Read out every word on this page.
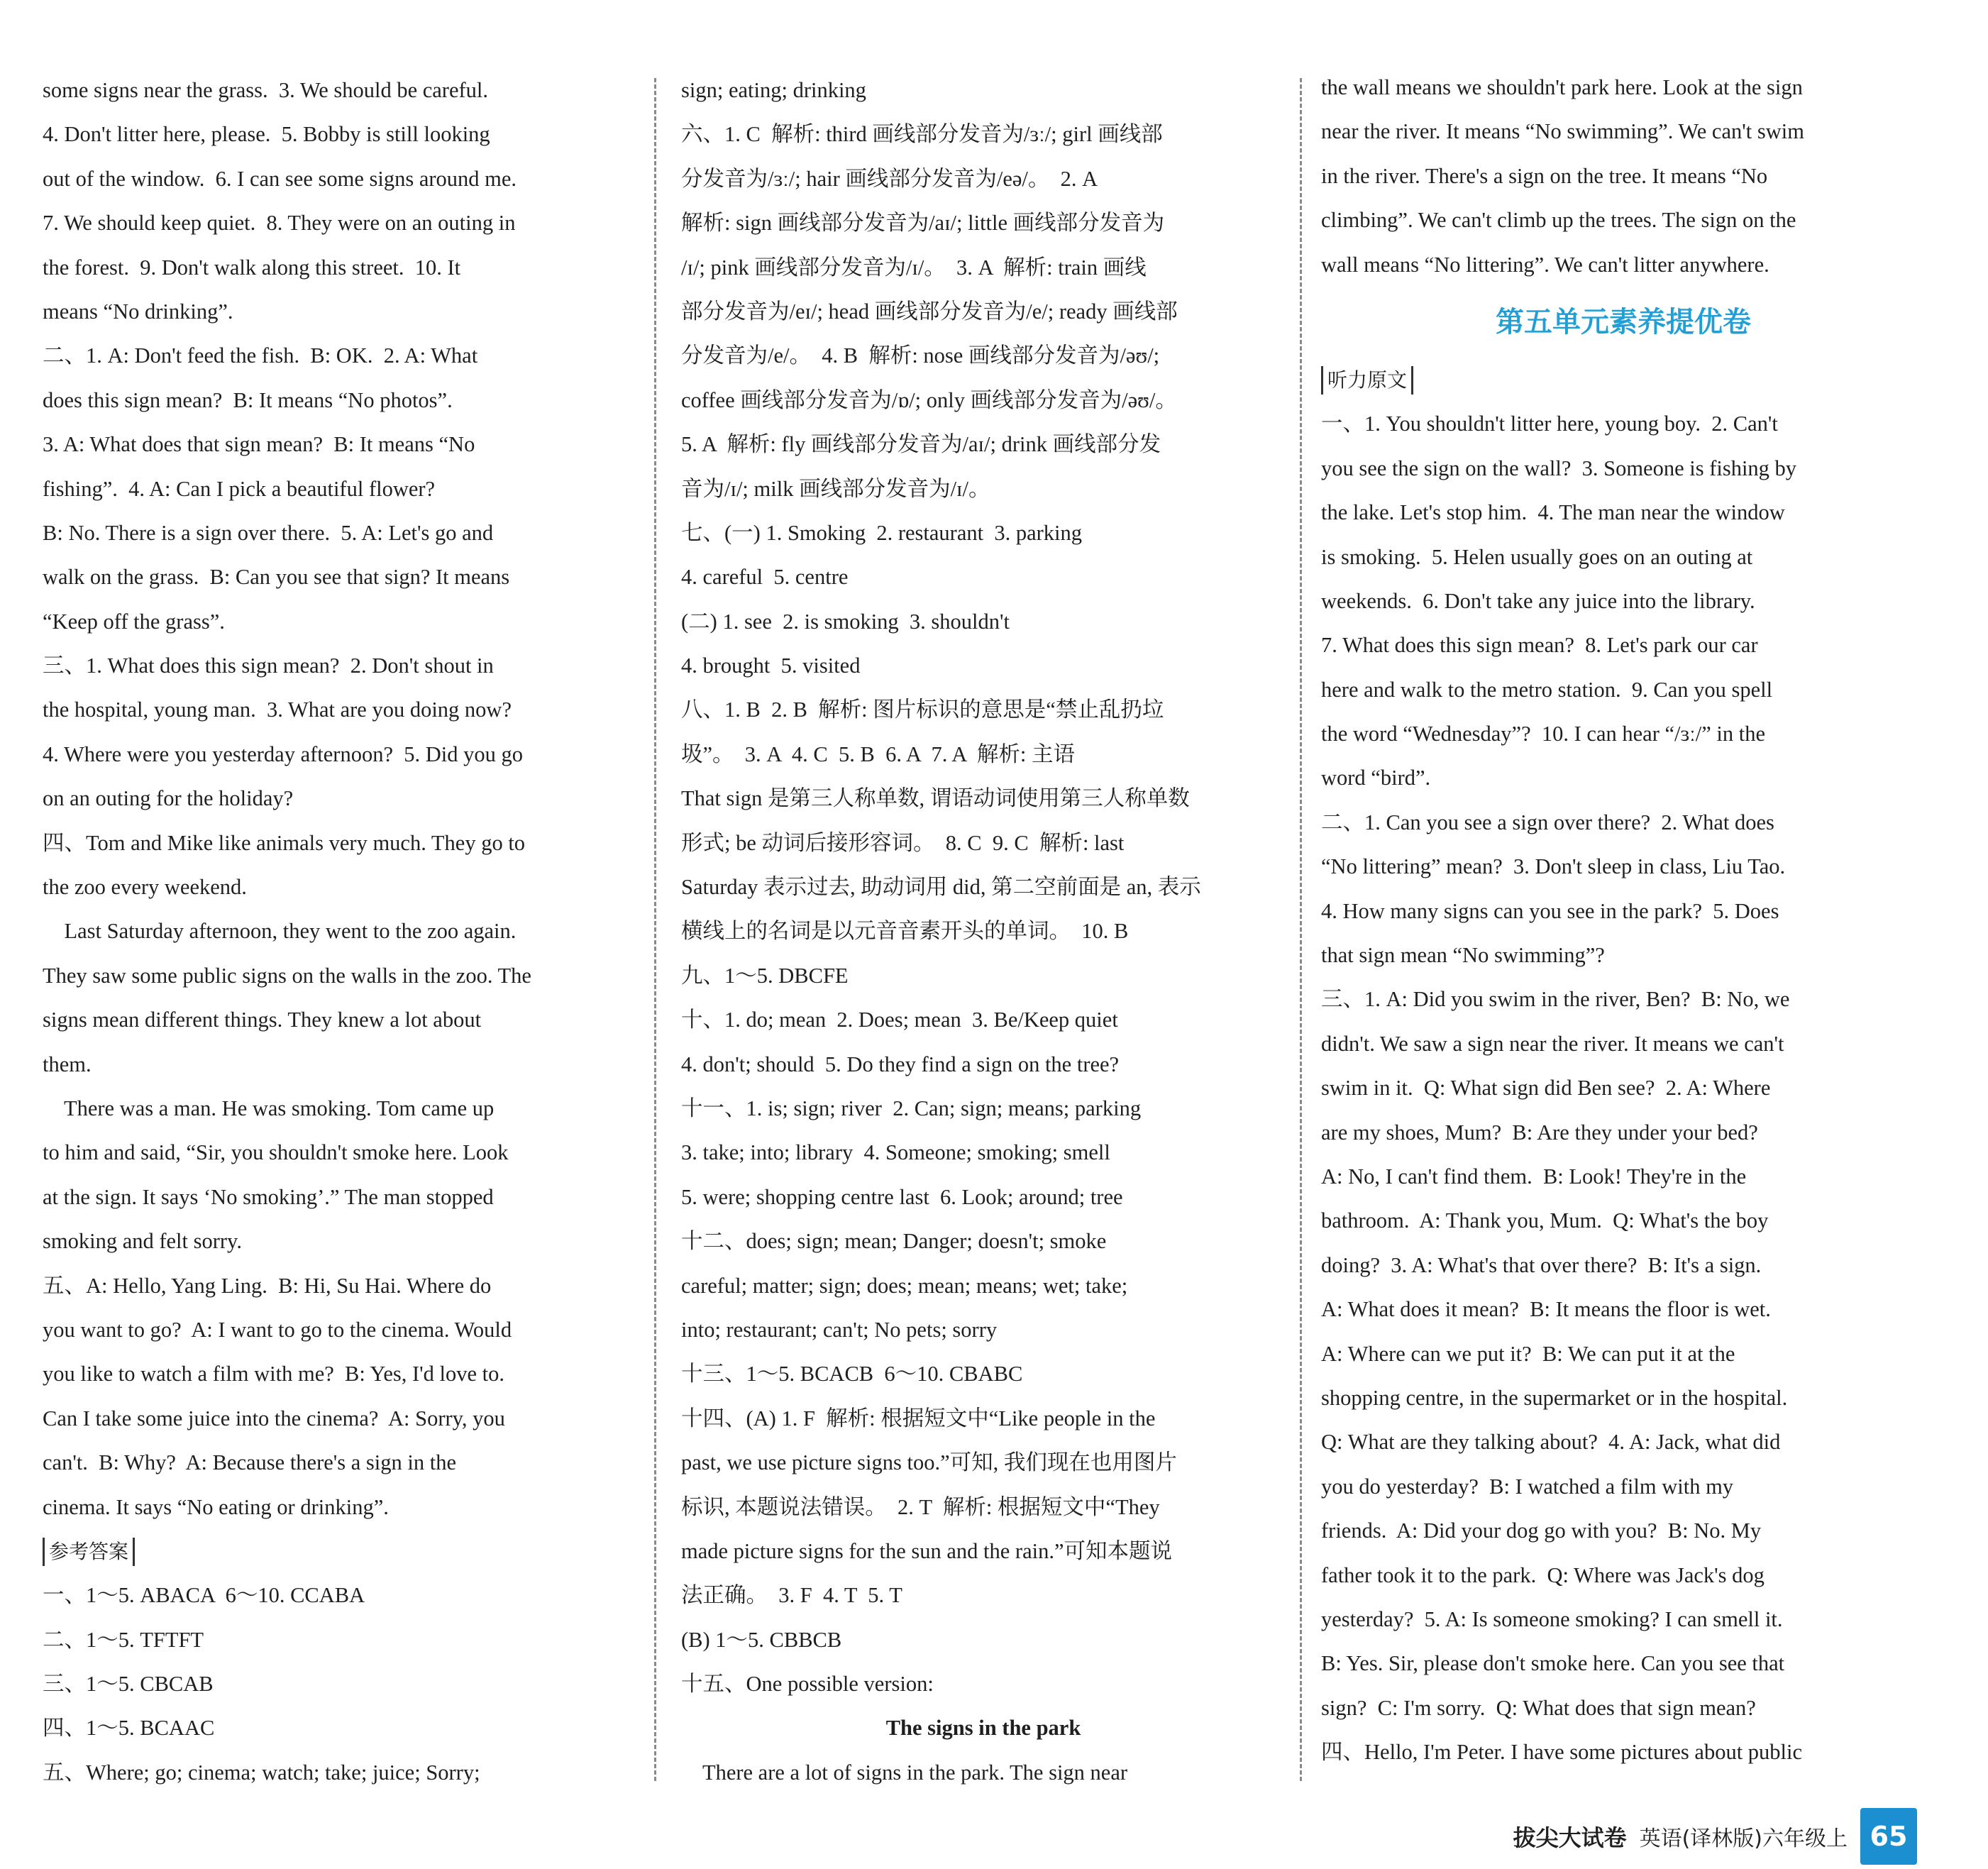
some signs near the grass.  3. We should be careful.
4. Don't litter here, please.  5. Bobby is still looking
out of the window.  6. I can see some signs around me.
7. We should keep quiet.  8. They were on an outing in
the forest.  9. Don't walk along this street.  10. It
means “No drinking”.
二、1. A: Don't feed the fish.  B: OK.  2. A: What
does this sign mean?  B: It means “No photos”.
3. A: What does that sign mean?  B: It means “No
fishing”.  4. A: Can I pick a beautiful flower?
B: No. There is a sign over there.  5. A: Let's go and
walk on the grass.  B: Can you see that sign? It means
“Keep off the grass”.
三、1. What does this sign mean?  2. Don't shout in
the hospital, young man.  3. What are you doing now?
4. Where were you yesterday afternoon?  5. Did you go
on an outing for the holiday?
四、Tom and Mike like animals very much. They go to
the zoo every weekend.
Last Saturday afternoon, they went to the zoo again.
They saw some public signs on the walls in the zoo. The
signs mean different things. They knew a lot about
them.
There was a man. He was smoking. Tom came up
to him and said, “Sir, you shouldn't smoke here. Look
at the sign. It says ‘No smoking’.” The man stopped
smoking and felt sorry.
五、A: Hello, Yang Ling.  B: Hi, Su Hai. Where do
you want to go?  A: I want to go to the cinema. Would
you like to watch a film with me?  B: Yes, I'd love to.
Can I take some juice into the cinema?  A: Sorry, you
can't.  B: Why?  A: Because there's a sign in the
cinema. It says “No eating or drinking”.
参考答案
一、1～5. ABACA  6～10. CCABA
二、1～5. TFTFT
三、1～5. CBCAB
四、1～5. BCAAC
五、Where; go; cinema; watch; take; juice; Sorry;
sign; eating; drinking
六、1. C  解析: third 画线部分发音为/ɜː/; girl 画线部
分发音为/ɜː/; hair 画线部分发音为/eə/。  2. A
解析: sign 画线部分发音为/aɪ/; little 画线部分发音为
/ɪ/; pink 画线部分发音为/ɪ/。  3. A  解析: train 画线
部分发音为/eɪ/; head 画线部分发音为/e/; ready 画线部
分发音为/e/。  4. B  解析: nose 画线部分发音为/əʊ/;
coffee 画线部分发音为/ɒ/; only 画线部分发音为/əʊ/。
5. A  解析: fly 画线部分发音为/aɪ/; drink 画线部分发
音为/ɪ/; milk 画线部分发音为/ɪ/。
七、(一) 1. Smoking  2. restaurant  3. parking
4. careful  5. centre
(二) 1. see  2. is smoking  3. shouldn't
4. brought  5. visited
八、1. B  2. B  解析: 图片标识的意思是“禁止乱扔垃
圾”。  3. A  4. C  5. B  6. A  7. A  解析: 主语
That sign 是第三人称单数, 谓语动词使用第三人称单数
形式; be 动词后接形容词。  8. C  9. C  解析: last
Saturday 表示过去, 助动词用 did, 第二空前面是 an, 表示
横线上的名词是以元音音素开头的单词。  10. B
九、1～5. DBCFE
十、1. do; mean  2. Does; mean  3. Be/Keep quiet
4. don't; should  5. Do they find a sign on the tree?
十一、1. is; sign; river  2. Can; sign; means; parking
3. take; into; library  4. Someone; smoking; smell
5. were; shopping centre last  6. Look; around; tree
十二、does; sign; mean; Danger; doesn't; smoke
careful; matter; sign; does; mean; means; wet; take;
into; restaurant; can't; No pets; sorry
十三、1～5. BCACB  6～10. CBABC
十四、(A) 1. F  解析: 根据短文中“Like people in the
past, we use picture signs too.”可知, 我们现在也用图片
标识, 本题说法错误。  2. T  解析: 根据短文中“They
made picture signs for the sun and the rain.”可知本题说
法正确。  3. F  4. T  5. T
(B) 1～5. CBBCB
十五、One possible version:
The signs in the park
There are a lot of signs in the park. The sign near
the wall means we shouldn't park here. Look at the sign
near the river. It means “No swimming”. We can't swim
in the river. There's a sign on the tree. It means “No
climbing”. We can't climb up the trees. The sign on the
wall means “No littering”. We can't litter anywhere.
第五单元素养提优卷
听力原文
一、1. You shouldn't litter here, young boy.  2. Can't
you see the sign on the wall?  3. Someone is fishing by
the lake. Let's stop him.  4. The man near the window
is smoking.  5. Helen usually goes on an outing at
weekends.  6. Don't take any juice into the library.
7. What does this sign mean?  8. Let's park our car
here and walk to the metro station.  9. Can you spell
the word “Wednesday”?  10. I can hear “/ɜː/” in the
word “bird”.
二、1. Can you see a sign over there?  2. What does
“No littering” mean?  3. Don't sleep in class, Liu Tao.
4. How many signs can you see in the park?  5. Does
that sign mean “No swimming”?
三、1. A: Did you swim in the river, Ben?  B: No, we
didn't. We saw a sign near the river. It means we can't
swim in it.  Q: What sign did Ben see?  2. A: Where
are my shoes, Mum?  B: Are they under your bed?
A: No, I can't find them.  B: Look! They're in the
bathroom.  A: Thank you, Mum.  Q: What's the boy
doing?  3. A: What's that over there?  B: It's a sign.
A: What does it mean?  B: It means the floor is wet.
A: Where can we put it?  B: We can put it at the
shopping centre, in the supermarket or in the hospital.
Q: What are they talking about?  4. A: Jack, what did
you do yesterday?  B: I watched a film with my
friends.  A: Did your dog go with you?  B: No. My
father took it to the park.  Q: Where was Jack's dog
yesterday?  5. A: Is someone smoking? I can smell it.
B: Yes. Sir, please don't smoke here. Can you see that
sign?  C: I'm sorry.  Q: What does that sign mean?
四、Hello, I'm Peter. I have some pictures about public
拔尖大试卷 英语(译林版)六年级上 65
